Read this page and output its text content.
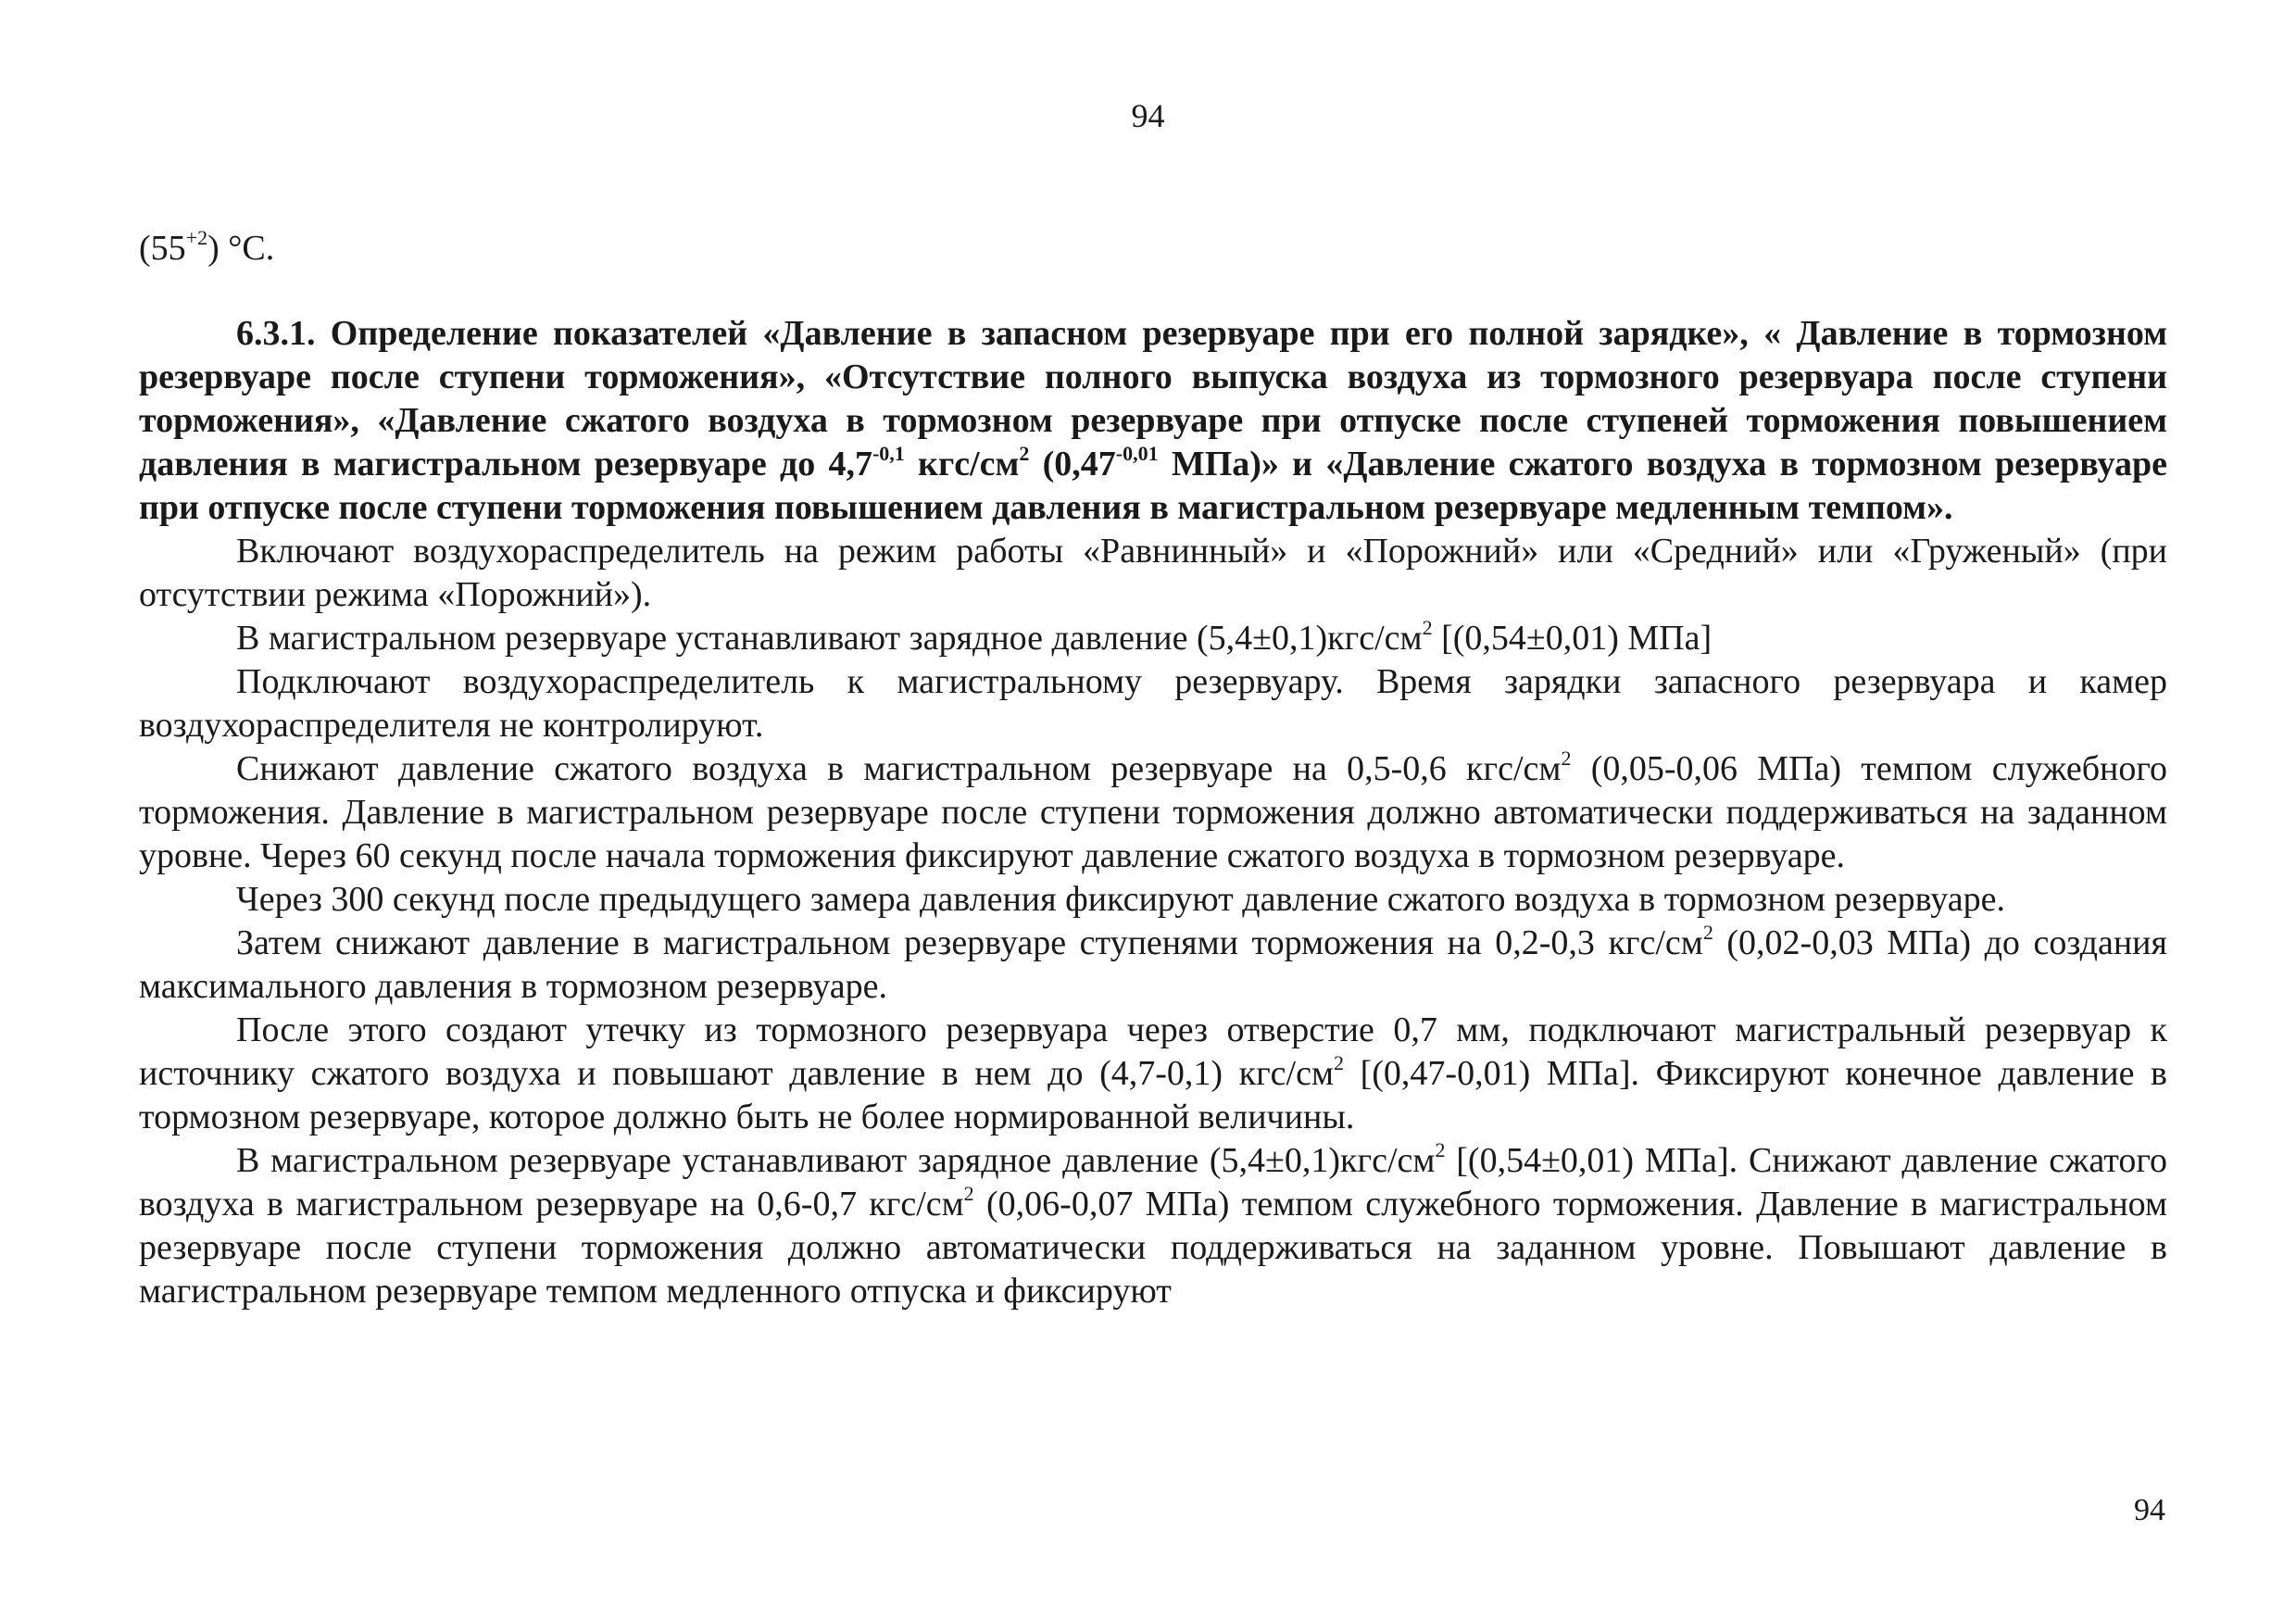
94

$(55^{+2})$ °С.

6.3.1. Определение показателей «Давление в запасном резервуаре при его полной зарядке», « Давление в тормозном резервуаре после ступени торможения», «Отсутствие полного выпуска воздуха из тормозного резервуара после ступени торможения», «Давление сжатого воздуха в тормозном резервуаре при отпуске после ступеней торможения повышением давления в магистральном резервуаре до $4,7^{-0,1}$ кгс/$см^2$ ($0,47^{-0,01}$ МПа)» и «Давление сжатого воздуха в тормозном резервуаре при отпуске после ступени торможения повышением давления в магистральном резервуаре медленным темпом».

Включают воздухораспределитель на режим работы «Равнинный» и «Порожний» или «Средний» или «Груженый» (при отсутствии режима «Порожний»).

В магистральном резервуаре устанавливают зарядное давление $(5,4\pm 0,1)кгс/см^2$ [(0,54±0,01) МПа]

Подключают воздухораспределитель к магистральному резервуару. Время зарядки запасного резервуара и камер воздухораспределителя не контролируют.

Снижают давление сжатого воздуха в магистральном резервуаре на 0,5-0,6 кгс/$см^2$ (0,05-0,06 МПа) темпом служебного торможения. Давление в магистральном резервуаре после ступени торможения должно автоматически поддерживаться на заданном уровне. Через 60 секунд после начала торможения фиксируют давление сжатого воздуха в тормозном резервуаре.

Через 300 секунд после предыдущего замера давления фиксируют давление сжатого воздуха в тормозном резервуаре.

Затем снижают давление в магистральном резервуаре ступенями торможения на 0,2-0,3 кгс/$см^2$ (0,02-0,03 МПа) до создания максимального давления в тормозном резервуаре.

После этого создают утечку из тормозного резервуара через отверстие 0,7 мм, подключают магистральный резервуар к источнику сжатого воздуха и повышают давление в нем до (4,7-0,1) кгс/$см^2$ [(0,47-0,01) МПа]. Фиксируют конечное давление в тормозном резервуаре, которое должно быть не более нормированной величины.

В магистральном резервуаре устанавливают зарядное давление $(5,4\pm 0,1)кгс/см^2$ [(0,54±0,01) МПа]. Снижают давление сжатого воздуха в магистральном резервуаре на 0,6-0,7 кгс/$см^2$ (0,06-0,07 МПа) темпом служебного торможения. Давление в магистральном резервуаре после ступени торможения должно автоматически поддерживаться на заданном уровне. Повышают давление в магистральном резервуаре темпом медленного отпуска и фиксируют

94
